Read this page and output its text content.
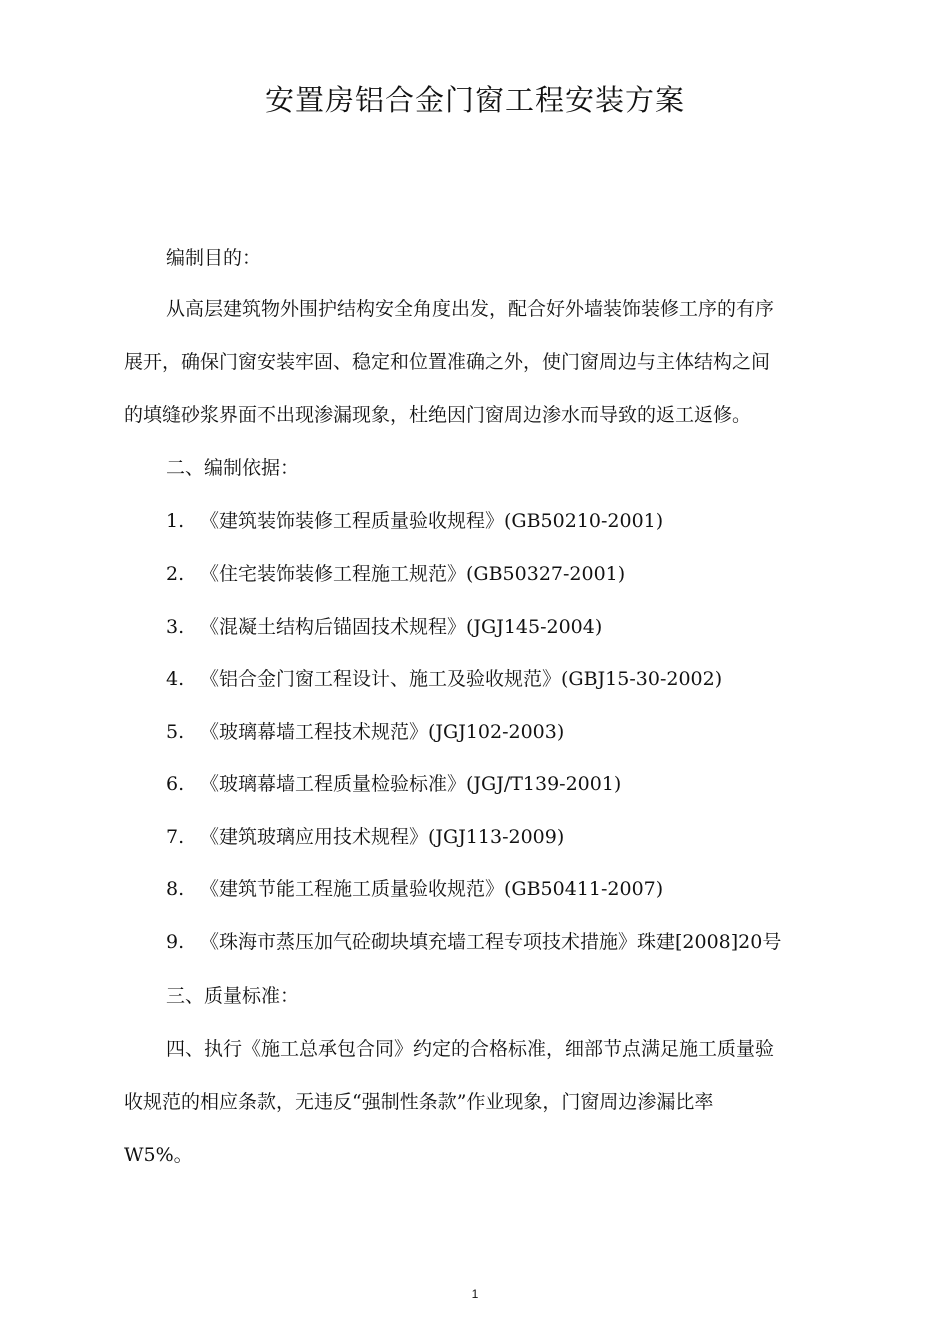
安置房铝合金门窗工程安装方案
编制目的：
从高层建筑物外围护结构安全角度出发，配合好外墙装饰装修工序的有序
展开，确保门窗安装牢固、稳定和位置准确之外，使门窗周边与主体结构之间
的填缝砂浆界面不出现渗漏现象，杜绝因门窗周边渗水而导致的返工返修。
二、编制依据：
1. 《建筑装饰装修工程质量验收规程》(GB50210-2001)
2. 《住宅装饰装修工程施工规范》(GB50327-2001)
3. 《混凝土结构后锚固技术规程》(JGJ145-2004)
4. 《铝合金门窗工程设计、施工及验收规范》(GBJ15-30-2002)
5. 《玻璃幕墙工程技术规范》(JGJ102-2003)
6. 《玻璃幕墙工程质量检验标准》(JGJ/T139-2001)
7. 《建筑玻璃应用技术规程》(JGJ113-2009)
8. 《建筑节能工程施工质量验收规范》(GB50411-2007)
9. 《珠海市蒸压加气砼砌块填充墙工程专项技术措施》珠建[2008]20号
三、质量标准：
四、执行《施工总承包合同》约定的合格标准，细部节点满足施工质量验
收规范的相应条款，无违反“强制性条款”作业现象，门窗周边渗漏比率
W5%。
1
